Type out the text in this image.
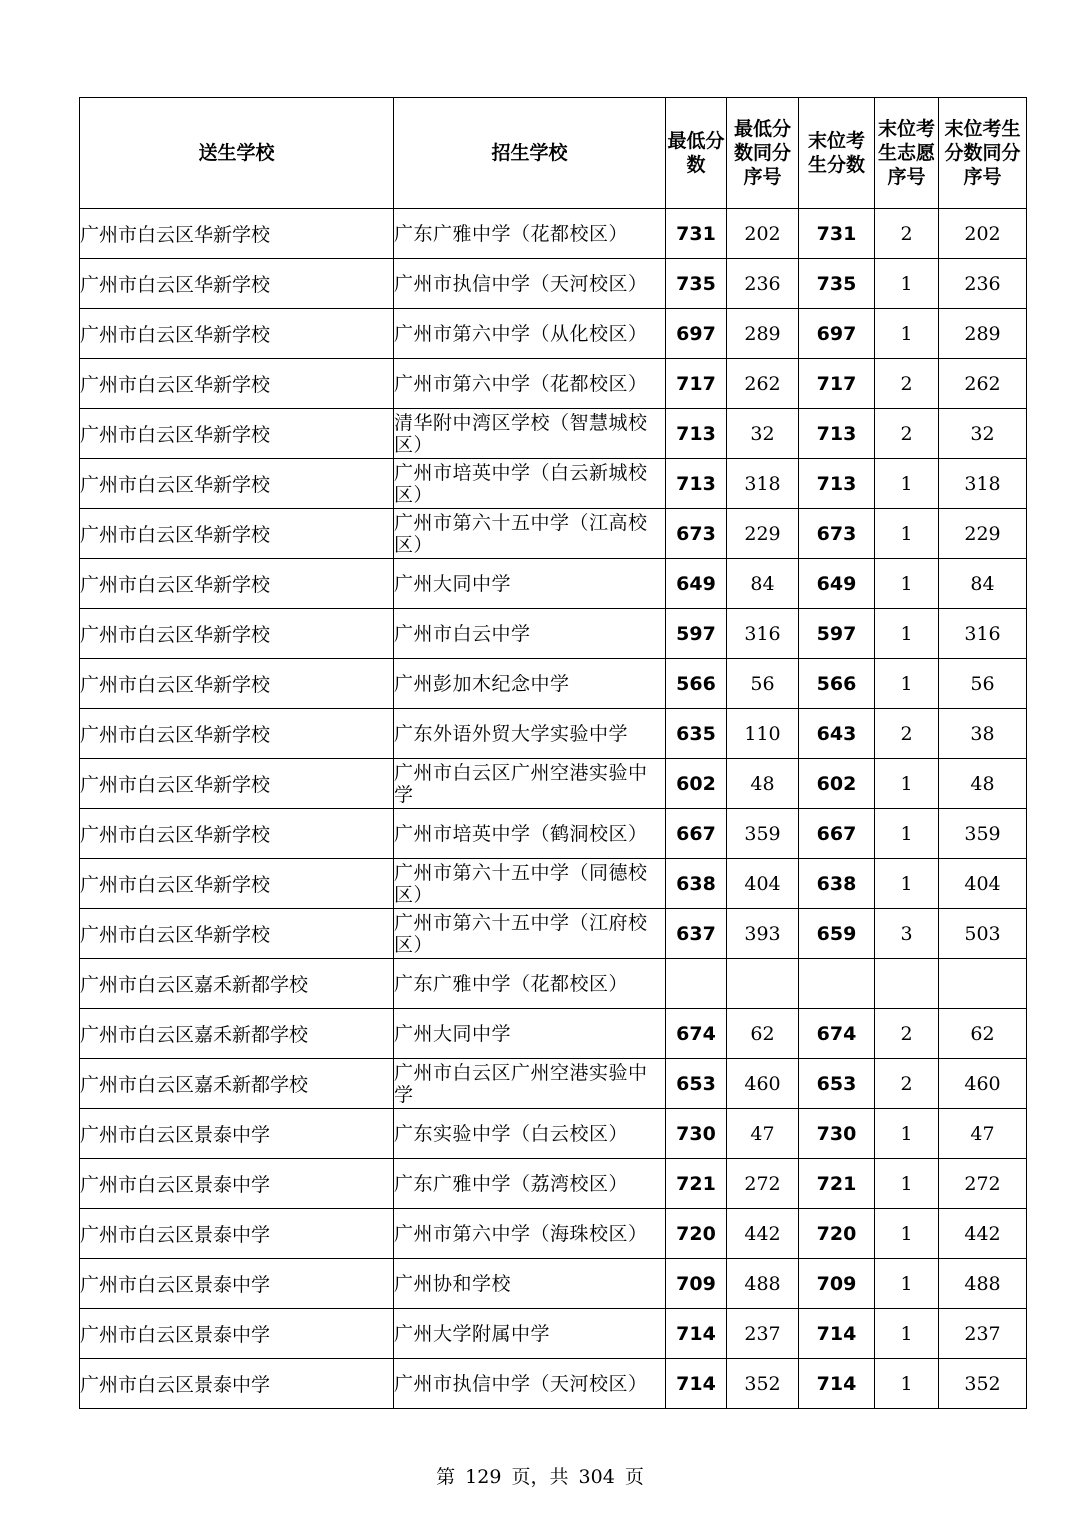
送生学校	招生学校	最低分数	最低分数同分序号	末位考生分数	末位考生志愿序号	末位考生分数同分序号
广州市白云区华新学校	广东广雅中学（花都校区）	731	202	731	2	202
广州市白云区华新学校	广州市执信中学（天河校区）	735	236	735	1	236
广州市白云区华新学校	广州市第六中学（从化校区）	697	289	697	1	289
广州市白云区华新学校	广州市第六中学（花都校区）	717	262	717	2	262
广州市白云区华新学校	清华附中湾区学校（智慧城校区）	713	32	713	2	32
广州市白云区华新学校	广州市培英中学（白云新城校区）	713	318	713	1	318
广州市白云区华新学校	广州市第六十五中学（江高校区）	673	229	673	1	229
广州市白云区华新学校	广州大同中学	649	84	649	1	84
广州市白云区华新学校	广州市白云中学	597	316	597	1	316
广州市白云区华新学校	广州彭加木纪念中学	566	56	566	1	56
广州市白云区华新学校	广东外语外贸大学实验中学	635	110	643	2	38
广州市白云区华新学校	广州市白云区广州空港实验中学	602	48	602	1	48
广州市白云区华新学校	广州市培英中学（鹤洞校区）	667	359	667	1	359
广州市白云区华新学校	广州市第六十五中学（同德校区）	638	404	638	1	404
广州市白云区华新学校	广州市第六十五中学（江府校区）	637	393	659	3	503
广州市白云区嘉禾新都学校	广东广雅中学（花都校区）					
广州市白云区嘉禾新都学校	广州大同中学	674	62	674	2	62
广州市白云区嘉禾新都学校	广州市白云区广州空港实验中学	653	460	653	2	460
广州市白云区景泰中学	广东实验中学（白云校区）	730	47	730	1	47
广州市白云区景泰中学	广东广雅中学（荔湾校区）	721	272	721	1	272
广州市白云区景泰中学	广州市第六中学（海珠校区）	720	442	720	1	442
广州市白云区景泰中学	广州协和学校	709	488	709	1	488
广州市白云区景泰中学	广州大学附属中学	714	237	714	1	237
广州市白云区景泰中学	广州市执信中学（天河校区）	714	352	714	1	352
第 129 页，共 304 页
